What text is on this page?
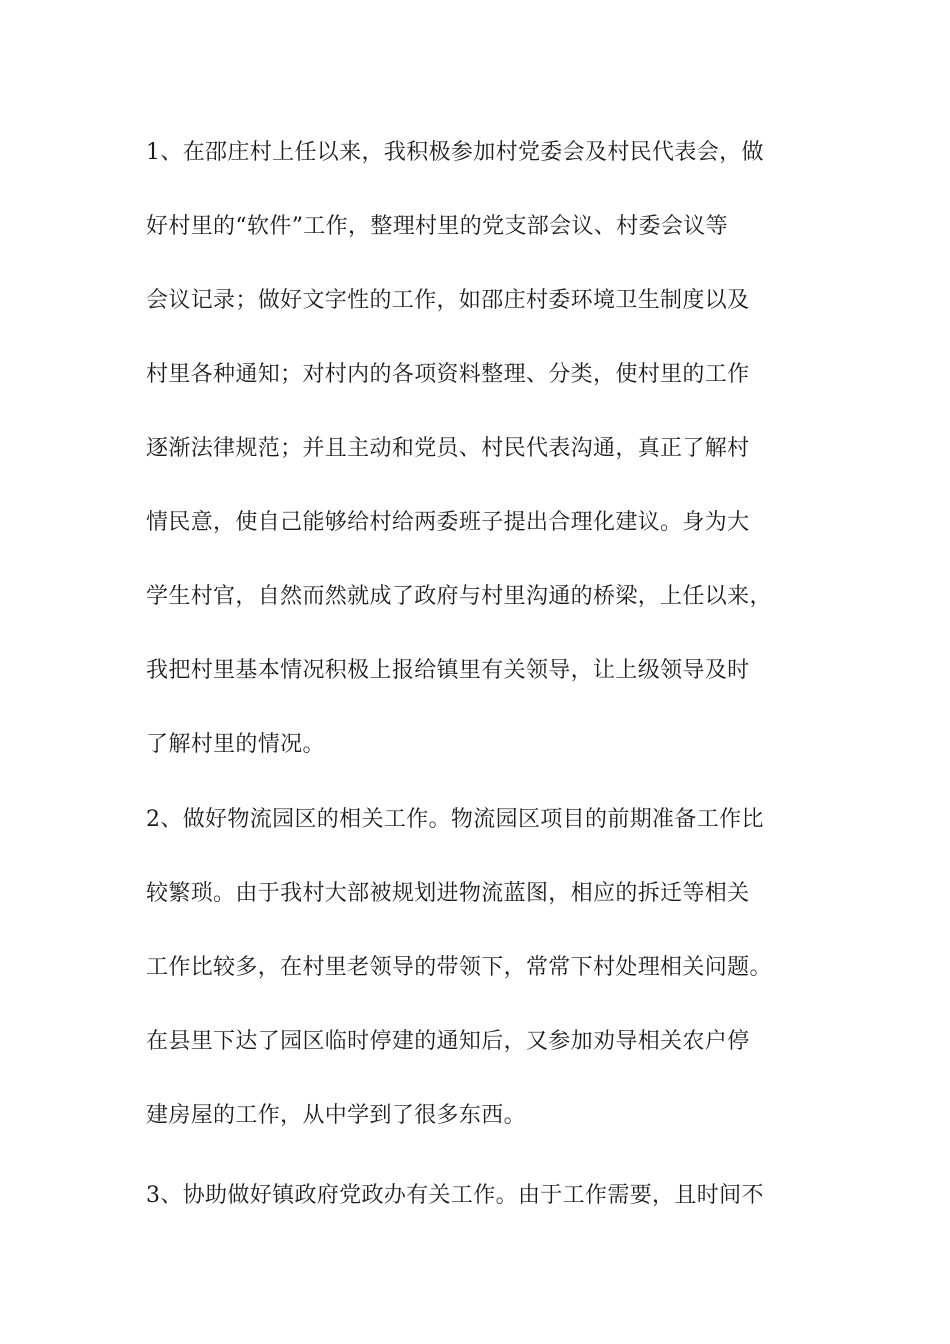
1、在邵庄村上任以来，我积极参加村党委会及村民代表会，做
好村里的“软件”工作，整理村里的党支部会议、村委会议等
会议记录；做好文字性的工作，如邵庄村委环境卫生制度以及
村里各种通知；对村内的各项资料整理、分类，使村里的工作
逐渐法律规范；并且主动和党员、村民代表沟通，真正了解村
情民意，使自己能够给村给两委班子提出合理化建议。身为大
学生村官，自然而然就成了政府与村里沟通的桥梁，上任以来，
我把村里基本情况积极上报给镇里有关领导，让上级领导及时
了解村里的情况。
2、做好物流园区的相关工作。物流园区项目的前期准备工作比
较繁琐。由于我村大部被规划进物流蓝图，相应的拆迁等相关
工作比较多，在村里老领导的带领下，常常下村处理相关问题。
在县里下达了园区临时停建的通知后，又参加劝导相关农户停
建房屋的工作，从中学到了很多东西。
3、协助做好镇政府党政办有关工作。由于工作需要，且时间不
